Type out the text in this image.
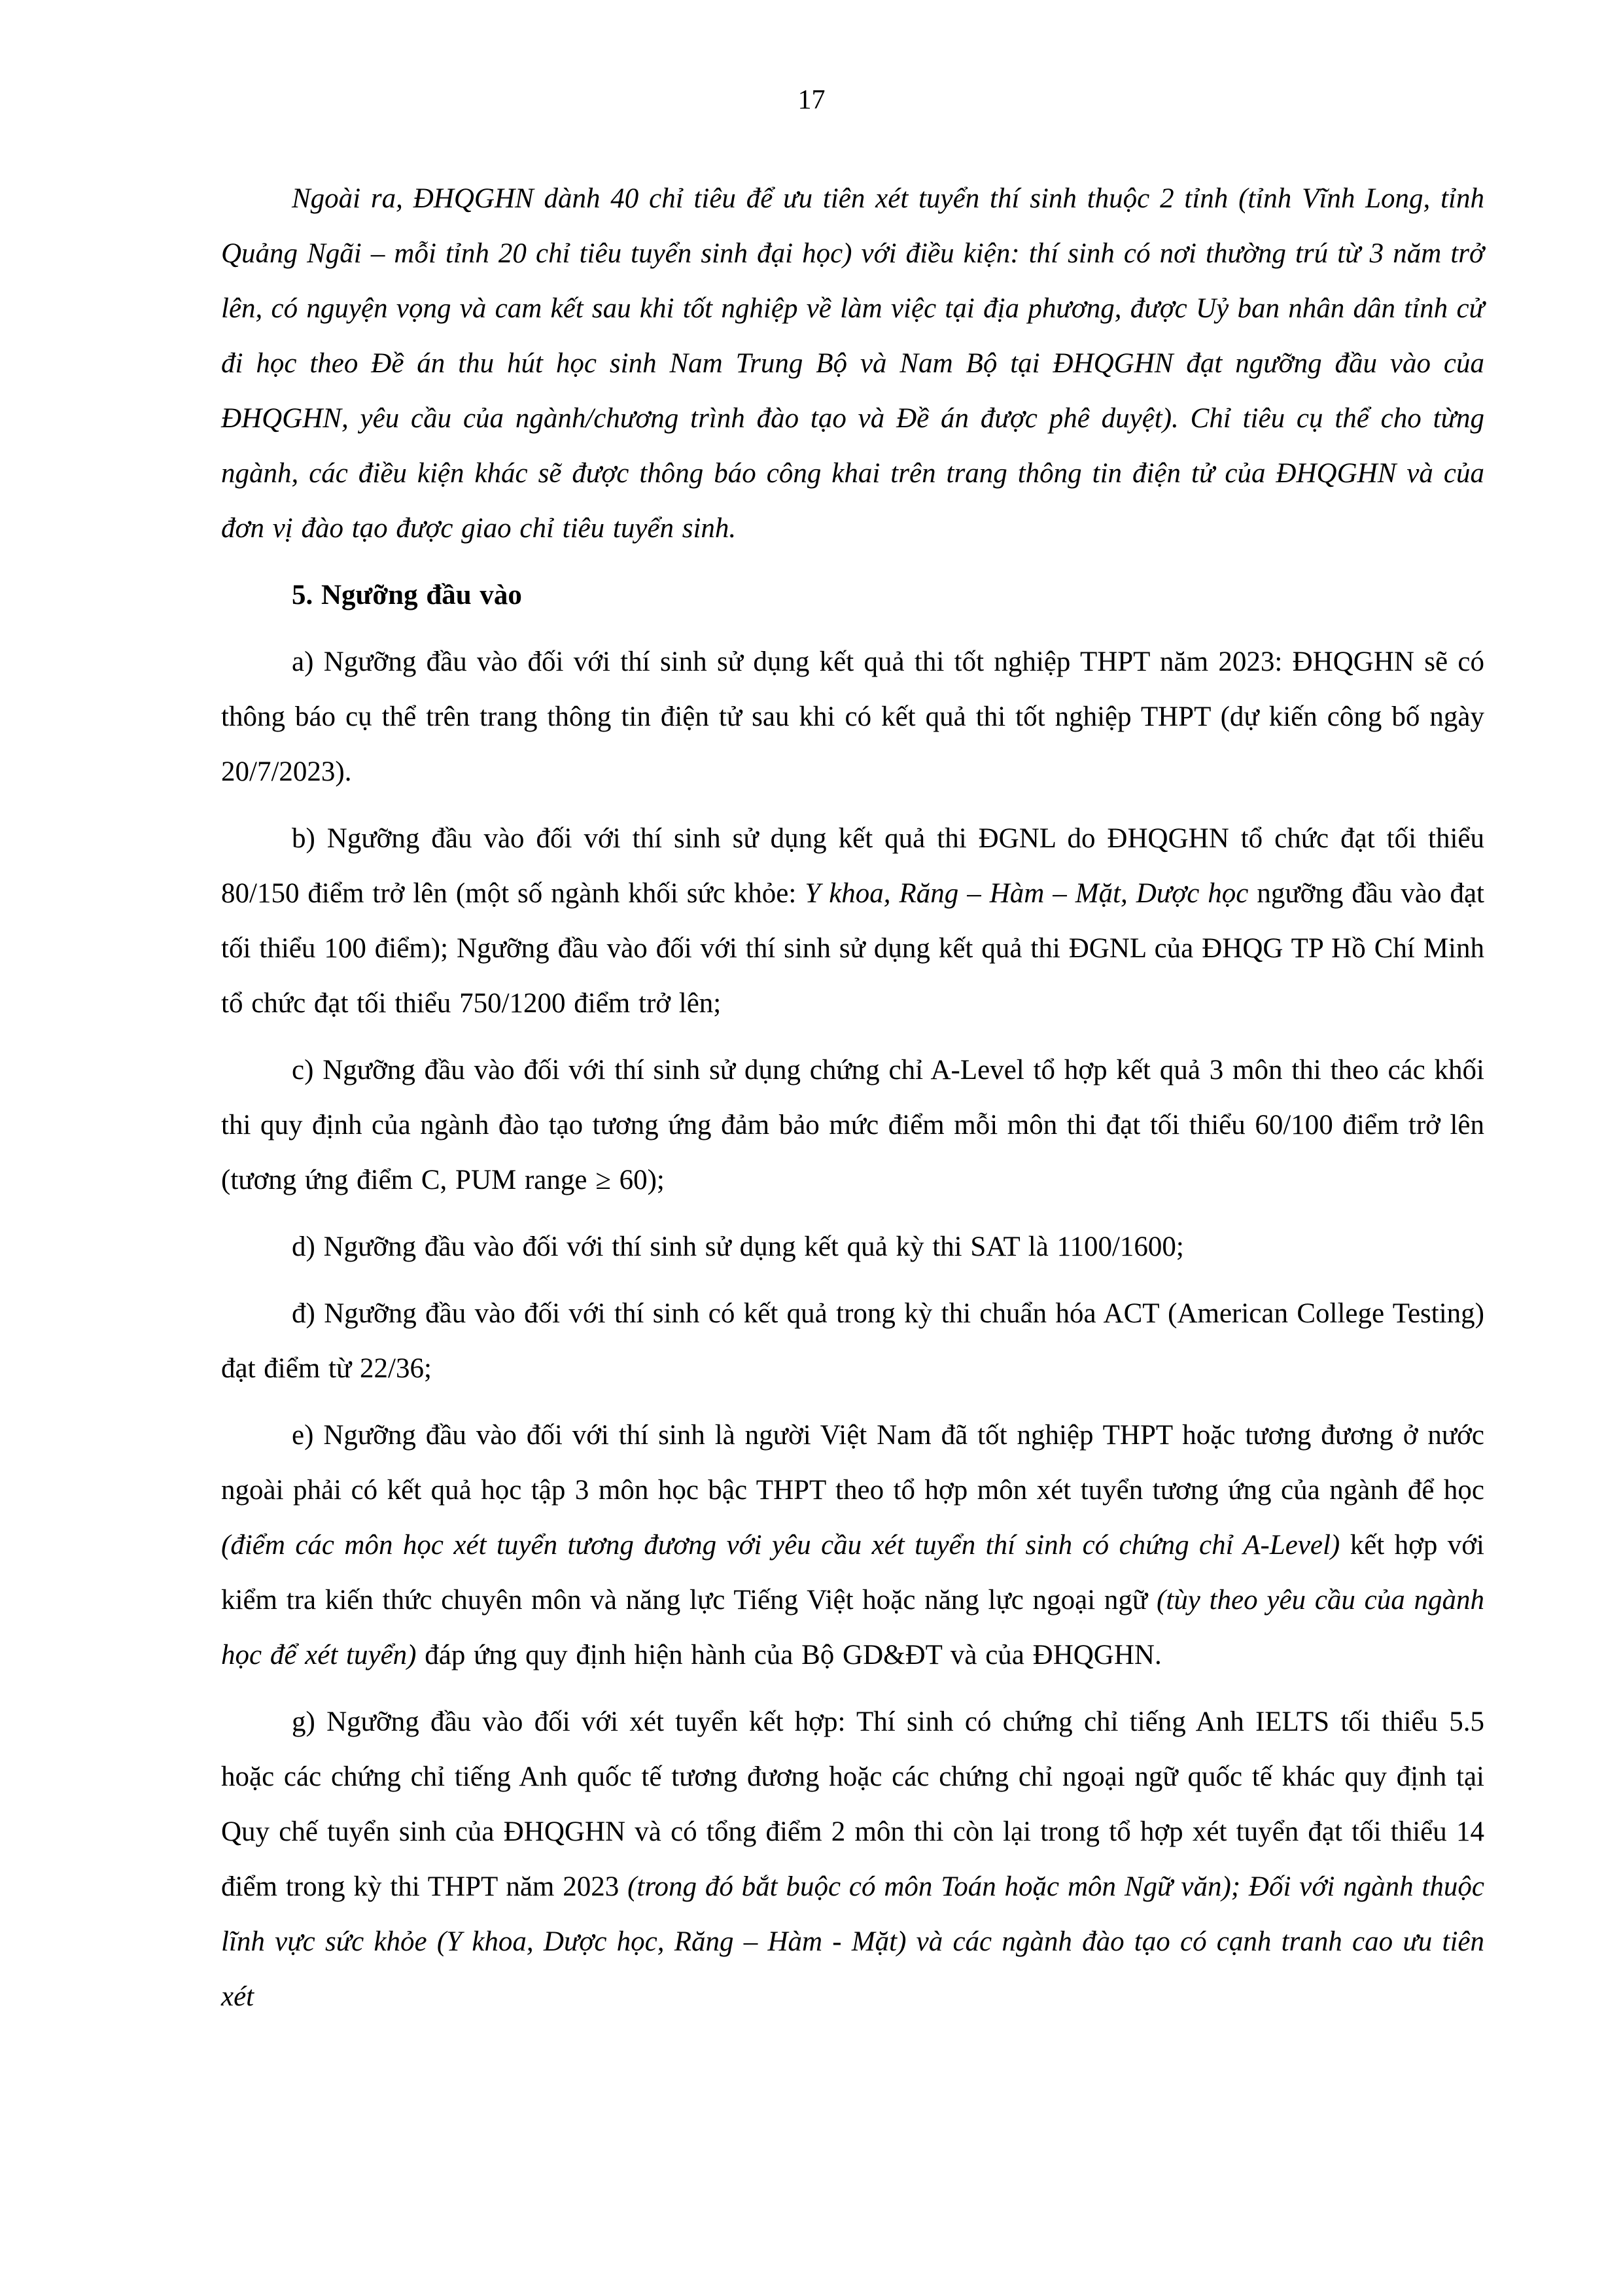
17

Ngoài ra, ĐHQGHN dành 40 chỉ tiêu để ưu tiên xét tuyển thí sinh thuộc 2 tỉnh (tỉnh Vĩnh Long, tỉnh Quảng Ngãi – mỗi tỉnh 20 chỉ tiêu tuyển sinh đại học) với điều kiện: thí sinh có nơi thường trú từ 3 năm trở lên, có nguyện vọng và cam kết sau khi tốt nghiệp về làm việc tại địa phương, được Uỷ ban nhân dân tỉnh cử đi học theo Đề án thu hút học sinh Nam Trung Bộ và Nam Bộ tại ĐHQGHN đạt ngưỡng đầu vào của ĐHQGHN, yêu cầu của ngành/chương trình đào tạo và Đề án được phê duyệt). Chỉ tiêu cụ thể cho từng ngành, các điều kiện khác sẽ được thông báo công khai trên trang thông tin điện tử của ĐHQGHN và của đơn vị đào tạo được giao chỉ tiêu tuyển sinh.

5. Ngưỡng đầu vào

a) Ngưỡng đầu vào đối với thí sinh sử dụng kết quả thi tốt nghiệp THPT năm 2023: ĐHQGHN sẽ có thông báo cụ thể trên trang thông tin điện tử sau khi có kết quả thi tốt nghiệp THPT (dự kiến công bố ngày 20/7/2023).

b) Ngưỡng đầu vào đối với thí sinh sử dụng kết quả thi ĐGNL do ĐHQGHN tổ chức đạt tối thiểu 80/150 điểm trở lên (một số ngành khối sức khỏe: Y khoa, Răng – Hàm – Mặt, Dược học ngưỡng đầu vào đạt tối thiểu 100 điểm); Ngưỡng đầu vào đối với thí sinh sử dụng kết quả thi ĐGNL của ĐHQG TP Hồ Chí Minh tổ chức đạt tối thiểu 750/1200 điểm trở lên;

c) Ngưỡng đầu vào đối với thí sinh sử dụng chứng chỉ A-Level tổ hợp kết quả 3 môn thi theo các khối thi quy định của ngành đào tạo tương ứng đảm bảo mức điểm mỗi môn thi đạt tối thiểu 60/100 điểm trở lên (tương ứng điểm C, PUM range ≥ 60);

d) Ngưỡng đầu vào đối với thí sinh sử dụng kết quả kỳ thi SAT là 1100/1600;

đ) Ngưỡng đầu vào đối với thí sinh có kết quả trong kỳ thi chuẩn hóa ACT (American College Testing) đạt điểm từ 22/36;

e) Ngưỡng đầu vào đối với thí sinh là người Việt Nam đã tốt nghiệp THPT hoặc tương đương ở nước ngoài phải có kết quả học tập 3 môn học bậc THPT theo tổ hợp môn xét tuyển tương ứng của ngành để học (điểm các môn học xét tuyển tương đương với yêu cầu xét tuyển thí sinh có chứng chỉ A-Level) kết hợp với kiểm tra kiến thức chuyên môn và năng lực Tiếng Việt hoặc năng lực ngoại ngữ (tùy theo yêu cầu của ngành học để xét tuyển) đáp ứng quy định hiện hành của Bộ GD&ĐT và của ĐHQGHN.

g) Ngưỡng đầu vào đối với xét tuyển kết hợp: Thí sinh có chứng chỉ tiếng Anh IELTS tối thiểu 5.5 hoặc các chứng chỉ tiếng Anh quốc tế tương đương hoặc các chứng chỉ ngoại ngữ quốc tế khác quy định tại Quy chế tuyển sinh của ĐHQGHN và có tổng điểm 2 môn thi còn lại trong tổ hợp xét tuyển đạt tối thiểu 14 điểm trong kỳ thi THPT năm 2023 (trong đó bắt buộc có môn Toán hoặc môn Ngữ văn); Đối với ngành thuộc lĩnh vực sức khỏe (Y khoa, Dược học, Răng – Hàm - Mặt) và các ngành đào tạo có cạnh tranh cao ưu tiên xét
